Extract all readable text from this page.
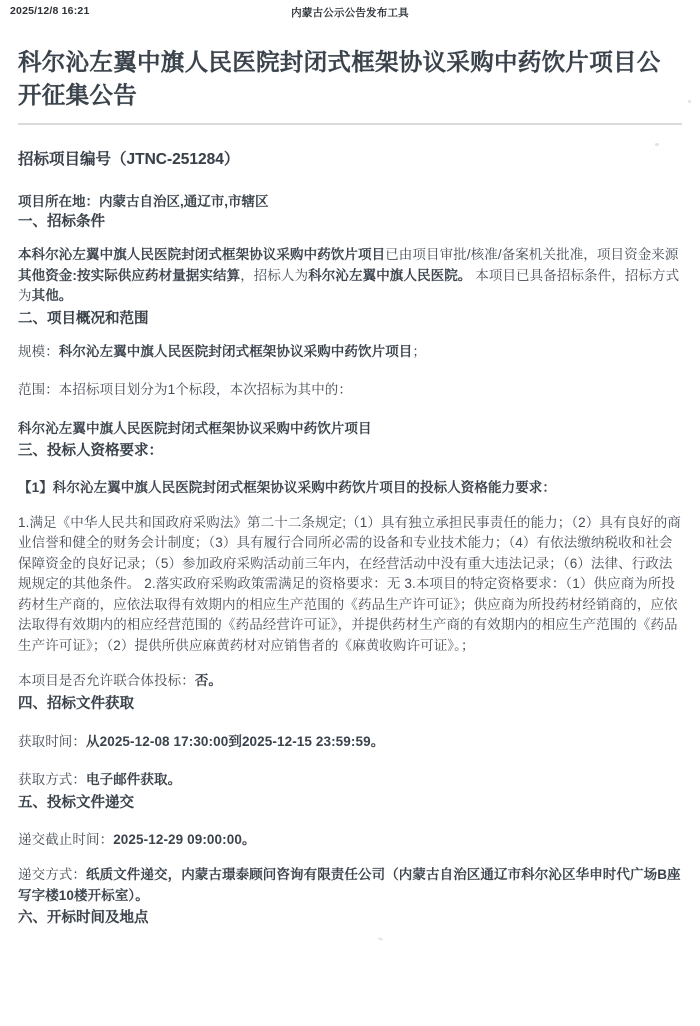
2025/12/8 16:21	内蒙古公示公告发布工具
科尔沁左翼中旗人民医院封闭式框架协议采购中药饮片项目公开征集公告

招标项目编号（JTNC-251284）

项目所在地：内蒙古自治区,通辽市,市辖区

一、招标条件

本科尔沁左翼中旗人民医院封闭式框架协议采购中药饮片项目已由项目审批/核准/备案机关批准，项目资金来源其他资金:按实际供应药材量据实结算，招标人为科尔沁左翼中旗人民医院。 本项目已具备招标条件，招标方式为其他。

二、项目概况和范围

规模：科尔沁左翼中旗人民医院封闭式框架协议采购中药饮片项目；

范围：本招标项目划分为1个标段，本次招标为其中的：

科尔沁左翼中旗人民医院封闭式框架协议采购中药饮片项目

三、投标人资格要求：

【1】科尔沁左翼中旗人民医院封闭式框架协议采购中药饮片项目的投标人资格能力要求：

1.满足《中华人民共和国政府采购法》第二十二条规定;（1）具有独立承担民事责任的能力；（2）具有良好的商业信誉和健全的财务会计制度；（3）具有履行合同所必需的设备和专业技术能力；（4）有依法缴纳税收和社会保障资金的良好记录；（5）参加政府采购活动前三年内，在经营活动中没有重大违法记录；（6）法律、行政法规规定的其他条件。 2.落实政府采购政策需满足的资格要求：无 3.本项目的特定资格要求：（1）供应商为所投药材生产商的，应依法取得有效期内的相应生产范围的《药品生产许可证》；供应商为所投药材经销商的，应依法取得有效期内的相应经营范围的《药品经营许可证》，并提供药材生产商的有效期内的相应生产范围的《药品生产许可证》；（2）提供所供应麻黄药材对应销售者的《麻黄收购许可证》。；

本项目是否允许联合体投标：否。

四、招标文件获取

获取时间：从2025-12-08 17:30:00到2025-12-15 23:59:59。

获取方式：电子邮件获取。

五、投标文件递交

递交截止时间：2025-12-29 09:00:00。

递交方式：纸质文件递交，内蒙古璟泰顾问咨询有限责任公司（内蒙古自治区通辽市科尔沁区华申时代广场B座写字楼10楼开标室）。

六、开标时间及地点
